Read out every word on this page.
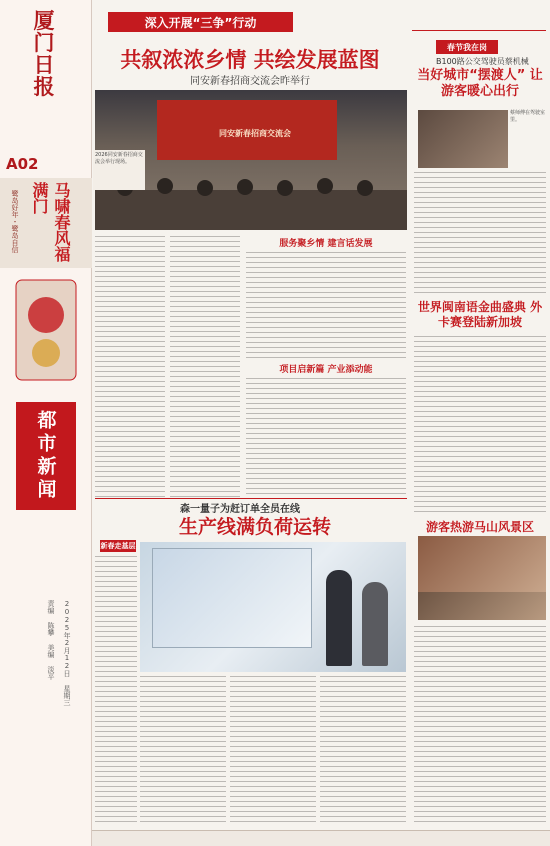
厦
门
日
报
A02
鹭岛好年・鹭岛自信	马啸春风福满门
都市新闻
责编 陈攀 美编 淡平	2025年2月12日 星期三
深入开展“三争”行动
共叙浓浓乡情 共绘发展蓝图
同安新春招商交流会昨举行
同安新春招商交流会
2026同安新春招商交流会举行现场。
服务聚乡情 建言话发展
项目启新篇 产业添动能
春节我在岗
B100路公交驾驶员蔡机械
当好城市“摆渡人” 让游客暖心出行
蔡师傅在驾驶室里。
世界闽南语金曲盛典 外卡赛登陆新加坡
游客热游马山风景区
森一量子为赶订单全员在线
生产线满负荷运转
新春走基层
